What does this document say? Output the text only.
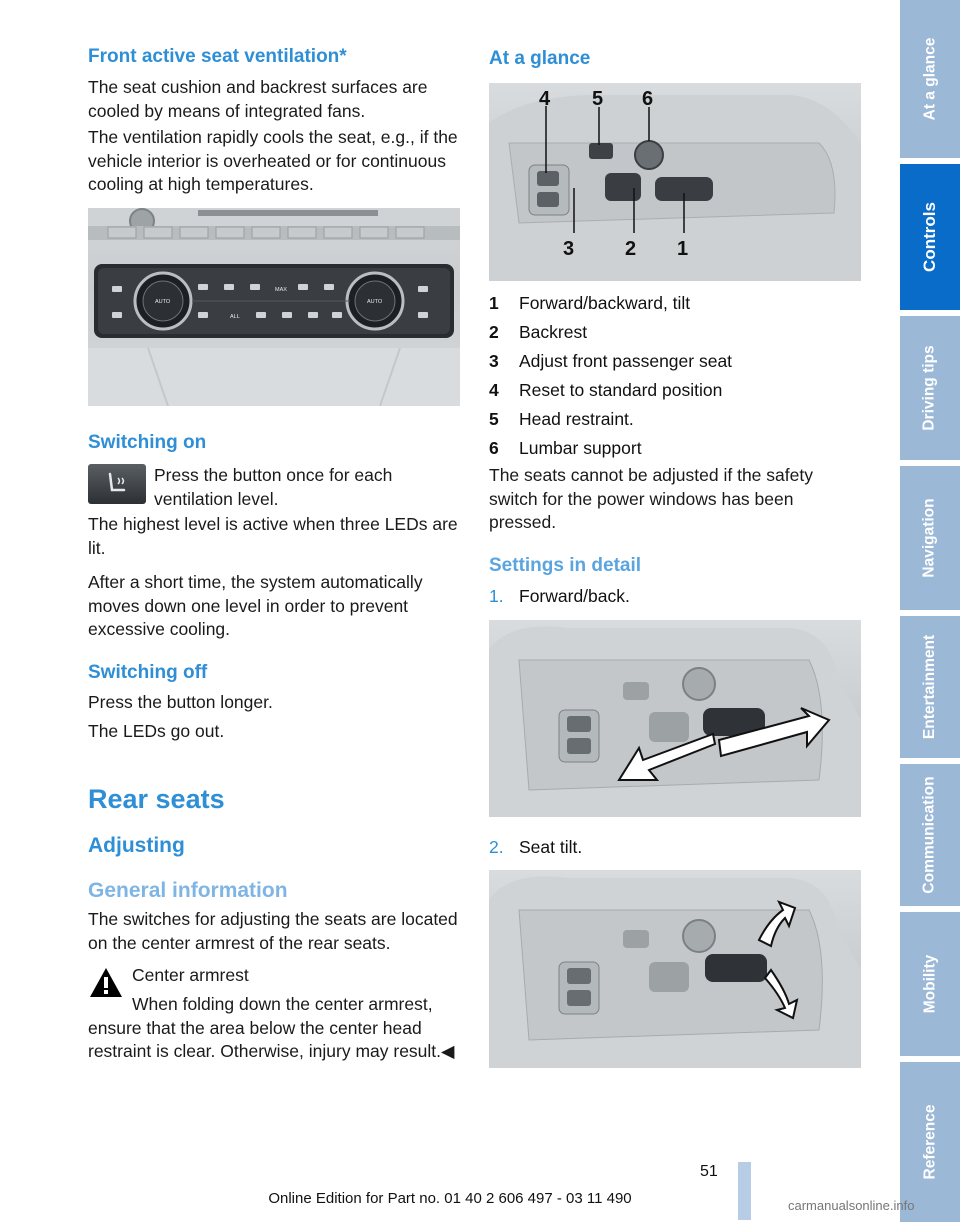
Front active seat ventilation*

The seat cushion and backrest surfaces are cooled by means of integrated fans.

The ventilation rapidly cools the seat, e.g., if the vehicle interior is overheated or for continuous cooling at high temperatures.

AUTO	AUTO
MAX
ALL
Switching on

Press the button once for each ventilation level.

The highest level is active when three LEDs are lit.

After a short time, the system automatically moves down one level in order to prevent excessive cooling.

Switching off

Press the button longer.

The LEDs go out.

Rear seats
Adjusting
General information

The switches for adjusting the seats are located on the center armrest of the rear seats.

Center armrest

When folding down the center armrest, ensure that the area below the center head restraint is clear. Otherwise, injury may result.◀

At a glance
4 5 6
3	2 1
1	Forward/backward, tilt
2	Backrest
3	Adjust front passenger seat
4	Reset to standard position
5	Head restraint.
6	Lumbar support

The seats cannot be adjusted if the safety switch for the power windows has been pressed.

Settings in detail
1. Forward/back.
2. Seat tilt.
At a glance
Controls
Driving tips
Navigation
Entertainment
Communication
Mobility
Reference
51
Online Edition for Part no. 01 40 2 606 497 - 03 11 490	carmanualsonline.info
